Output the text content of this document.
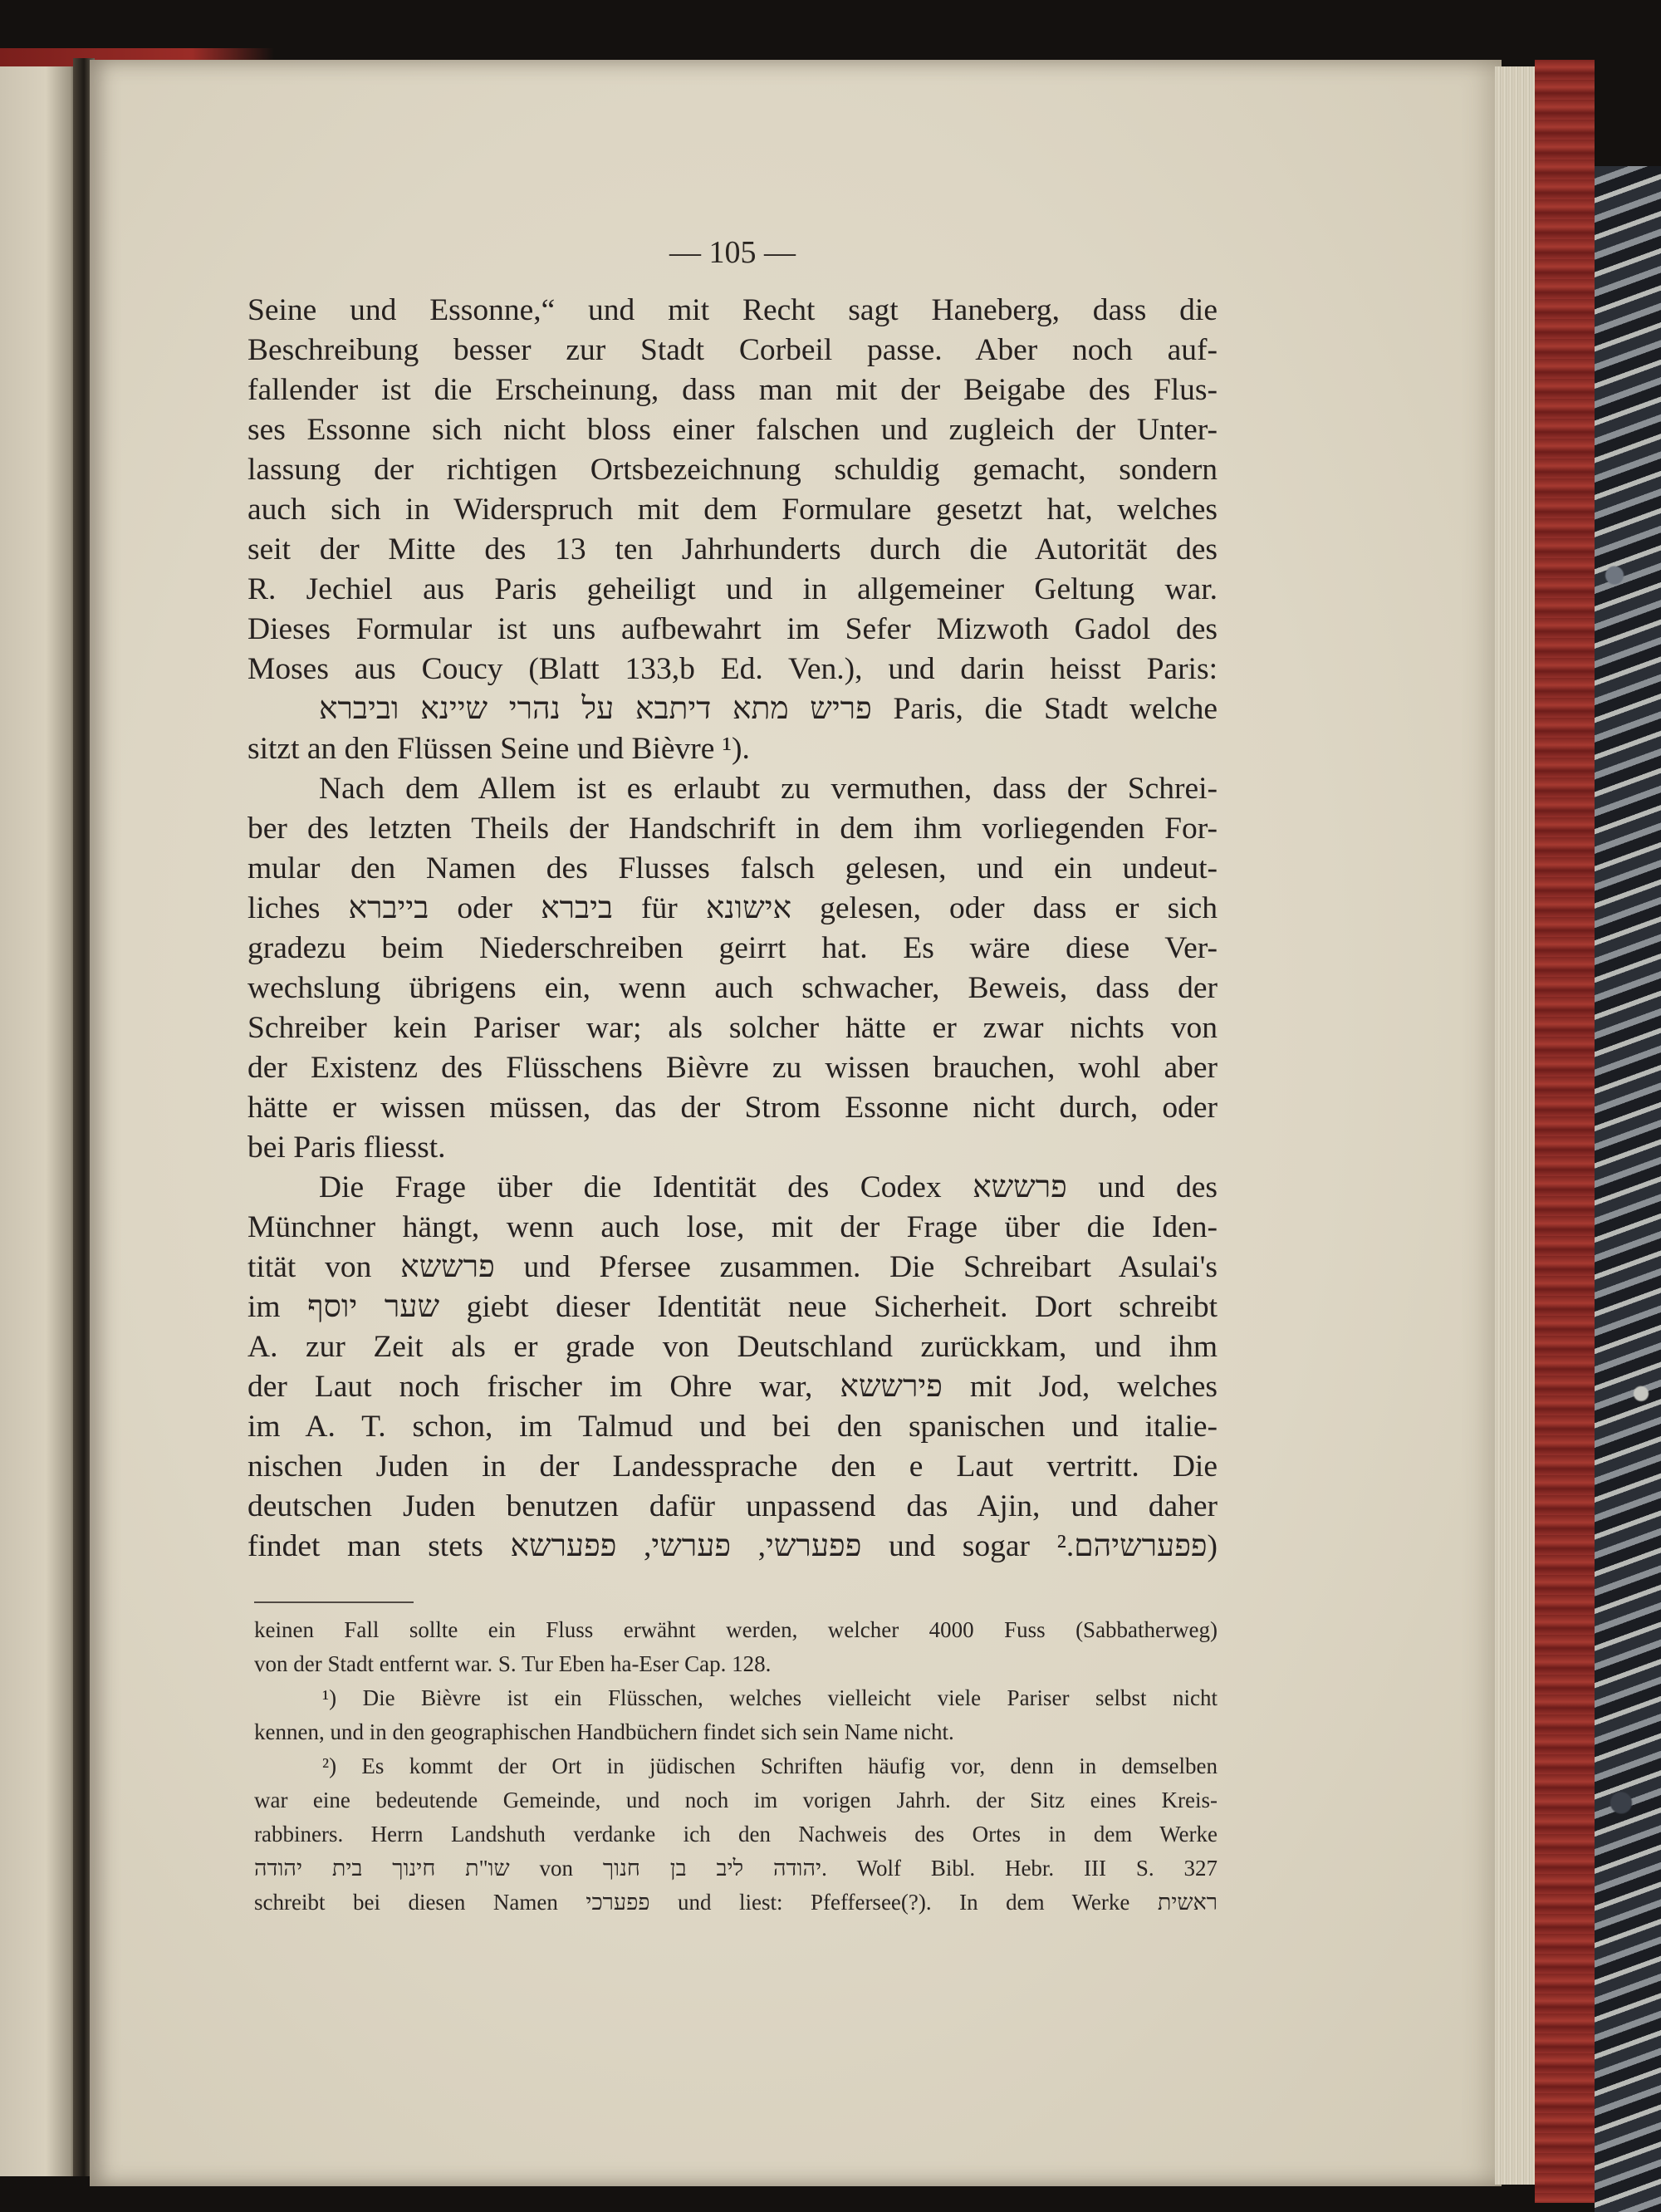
— 105 —
Seine und Essonne,“ und mit Recht sagt Haneberg, dass die
Beschreibung besser zur Stadt Corbeil passe. Aber noch auf-
fallender ist die Erscheinung, dass man mit der Beigabe des Flus-
ses Essonne sich nicht bloss einer falschen und zugleich der Unter-
lassung der richtigen Ortsbezeichnung schuldig gemacht, sondern
auch sich in Widerspruch mit dem Formulare gesetzt hat, welches
seit der Mitte des 13 ten Jahrhunderts durch die Autorität des
R. Jechiel aus Paris geheiligt und in allgemeiner Geltung war.
Dieses Formular ist uns aufbewahrt im Sefer Mizwoth Gadol des
Moses aus Coucy (Blatt 133,b Ed. Ven.), und darin heisst Paris:
פריש מתא דיתבא על נהרי שיינא וביברא Paris, die Stadt welche
sitzt an den Flüssen Seine und Bièvre ¹).
Nach dem Allem ist es erlaubt zu vermuthen, dass der Schrei-
ber des letzten Theils der Handschrift in dem ihm vorliegenden For-
mular den Namen des Flusses falsch gelesen, und ein undeut-
liches בייברא oder ביברא für אישונא gelesen, oder dass er sich
gradezu beim Niederschreiben geirrt hat. Es wäre diese Ver-
wechslung übrigens ein, wenn auch schwacher, Beweis, dass der
Schreiber kein Pariser war; als solcher hätte er zwar nichts von
der Existenz des Flüsschens Bièvre zu wissen brauchen, wohl aber
hätte er wissen müssen, das der Strom Essonne nicht durch, oder
bei Paris fliesst.
Die Frage über die Identität des Codex פרששא und des
Münchner hängt, wenn auch lose, mit der Frage über die Iden-
tität von פרששא und Pfersee zusammen. Die Schreibart Asulai's
im שער יוסף giebt dieser Identität neue Sicherheit. Dort schreibt
A. zur Zeit als er grade von Deutschland zurückkam, und ihm
der Laut noch frischer im Ohre war, פירששא mit Jod, welches
im A. T. schon, im Talmud und bei den spanischen und italie-
nischen Juden in der Landessprache den e Laut vertritt. Die
deutschen Juden benutzen dafür unpassend das Ajin, und daher
findet man stets פפערשי, פערשי, פפערשא und sogar פפערשיהם.²)
keinen Fall sollte ein Fluss erwähnt werden, welcher 4000 Fuss (Sabbatherweg)
von der Stadt entfernt war. S. Tur Eben ha-Eser Cap. 128.
¹) Die Bièvre ist ein Flüsschen, welches vielleicht viele Pariser selbst nicht
kennen, und in den geographischen Handbüchern findet sich sein Name nicht.
²) Es kommt der Ort in jüdischen Schriften häufig vor, denn in demselben
war eine bedeutende Gemeinde, und noch im vorigen Jahrh. der Sitz eines Kreis-
rabbiners. Herrn Landshuth verdanke ich den Nachweis des Ortes in dem Werke
שו"ת חינוך בית יהודה von יהודה ליב בן חנוך. Wolf Bibl. Hebr. III S. 327
schreibt bei diesen Namen פפערכי und liest: Pfeffersee(?). In dem Werke ראשית
